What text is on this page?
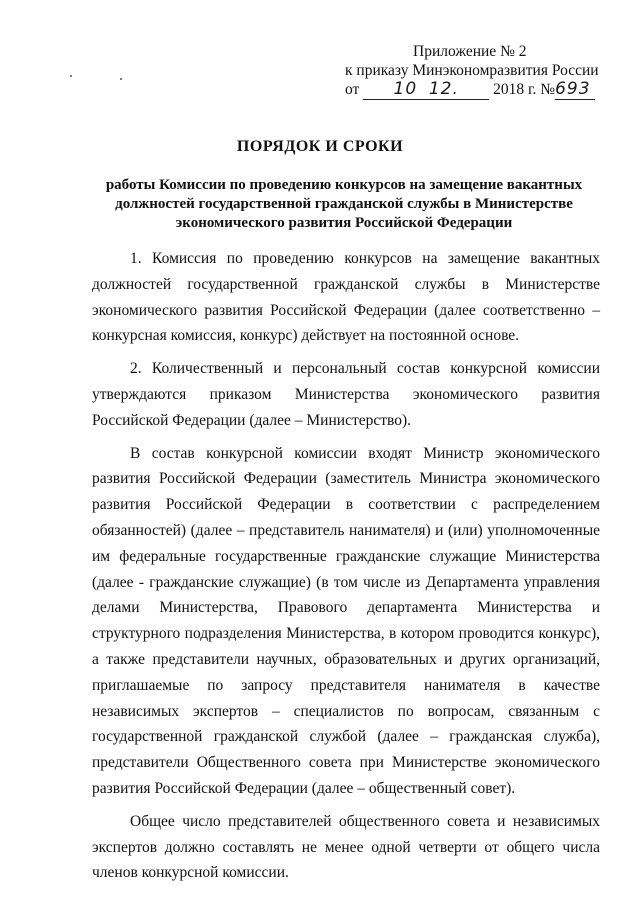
Приложение № 2
к приказу Минэкономразвития России
от 10 12. 2018 г. №693
ПОРЯДОК И СРОКИ
работы Комиссии по проведению конкурсов на замещение вакантных должностей государственной гражданской службы в Министерстве экономического развития Российской Федерации

1. Комиссия по проведению конкурсов на замещение вакантных должностей государственной гражданской службы в Министерстве экономического развития Российской Федерации (далее соответственно – конкурсная комиссия, конкурс) действует на постоянной основе.

2. Количественный и персональный состав конкурсной комиссии утверждаются приказом Министерства экономического развития Российской Федерации (далее – Министерство).

В состав конкурсной комиссии входят Министр экономического развития Российской Федерации (заместитель Министра экономического развития Российской Федерации в соответствии с распределением обязанностей) (далее – представитель нанимателя) и (или) уполномоченные им федеральные государственные гражданские служащие Министерства (далее - гражданские служащие) (в том числе из Департамента управления делами Министерства, Правового департамента Министерства и структурного подразделения Министерства, в котором проводится конкурс), а также представители научных, образовательных и других организаций, приглашаемые по запросу представителя нанимателя в качестве независимых экспертов – специалистов по вопросам, связанным с государственной гражданской службой (далее – гражданская служба), представители Общественного совета при Министерстве экономического развития Российской Федерации (далее – общественный совет).

Общее число представителей общественного совета и независимых экспертов должно составлять не менее одной четверти от общего числа членов конкурсной комиссии.
